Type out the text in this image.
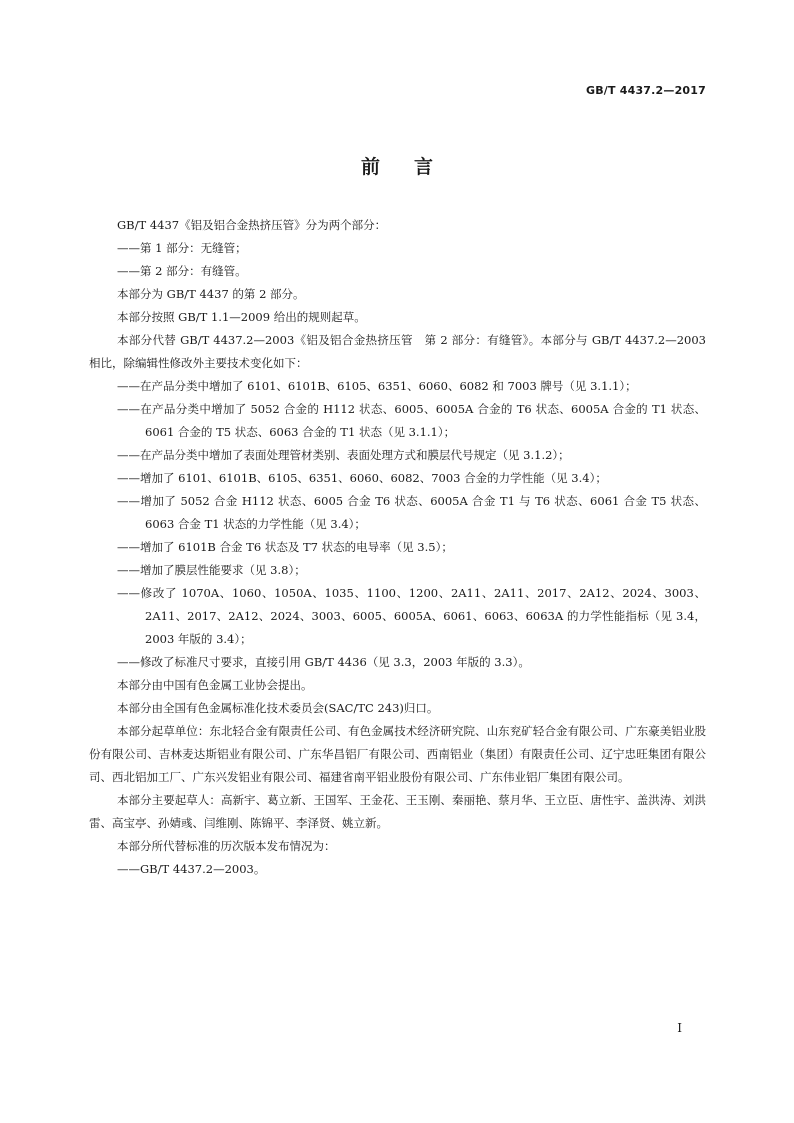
GB/T 4437.2—2017
前言

GB/T 4437《铝及铝合金热挤压管》分为两个部分：

——第 1 部分：无缝管；

——第 2 部分：有缝管。

本部分为 GB/T 4437 的第 2 部分。

本部分按照 GB/T 1.1—2009 给出的规则起草。

本部分代替 GB/T 4437.2—2003《铝及铝合金热挤压管　第 2 部分：有缝管》。本部分与 GB/T 4437.2—2003 相比，除编辑性修改外主要技术变化如下：

——在产品分类中增加了 6101、6101B、6105、6351、6060、6082 和 7003 牌号（见 3.1.1）；

——在产品分类中增加了 5052 合金的 H112 状态、6005、6005A 合金的 T6 状态、6005A 合金的 T1 状态、6061 合金的 T5 状态、6063 合金的 T1 状态（见 3.1.1）；

——在产品分类中增加了表面处理管材类别、表面处理方式和膜层代号规定（见 3.1.2）；

——增加了 6101、6101B、6105、6351、6060、6082、7003 合金的力学性能（见 3.4）；

——增加了 5052 合金 H112 状态、6005 合金 T6 状态、6005A 合金 T1 与 T6 状态、6061 合金 T5 状态、6063 合金 T1 状态的力学性能（见 3.4）；

——增加了 6101B 合金 T6 状态及 T7 状态的电导率（见 3.5）；

——增加了膜层性能要求（见 3.8）；

——修改了 1070A、1060、1050A、1035、1100、1200、2A11、2A11、2017、2A12、2024、3003、2A11、2017、2A12、2024、3003、6005、6005A、6061、6063、6063A 的力学性能指标（见 3.4，2003 年版的 3.4）；

——修改了标准尺寸要求，直接引用 GB/T 4436（见 3.3，2003 年版的 3.3）。

本部分由中国有色金属工业协会提出。

本部分由全国有色金属标准化技术委员会(SAC/TC 243)归口。

本部分起草单位：东北轻合金有限责任公司、有色金属技术经济研究院、山东兖矿轻合金有限公司、广东豪美铝业股份有限公司、吉林麦达斯铝业有限公司、广东华昌铝厂有限公司、西南铝业（集团）有限责任公司、辽宁忠旺集团有限公司、西北铝加工厂、广东兴发铝业有限公司、福建省南平铝业股份有限公司、广东伟业铝厂集团有限公司。

本部分主要起草人：高新宇、葛立新、王国军、王金花、王玉刚、秦丽艳、蔡月华、王立臣、唐性宇、盖洪涛、刘洪雷、高宝亭、孙婧彧、闫维刚、陈锦平、李泽贤、姚立新。

本部分所代替标准的历次版本发布情况为：

——GB/T 4437.2—2003。

I
